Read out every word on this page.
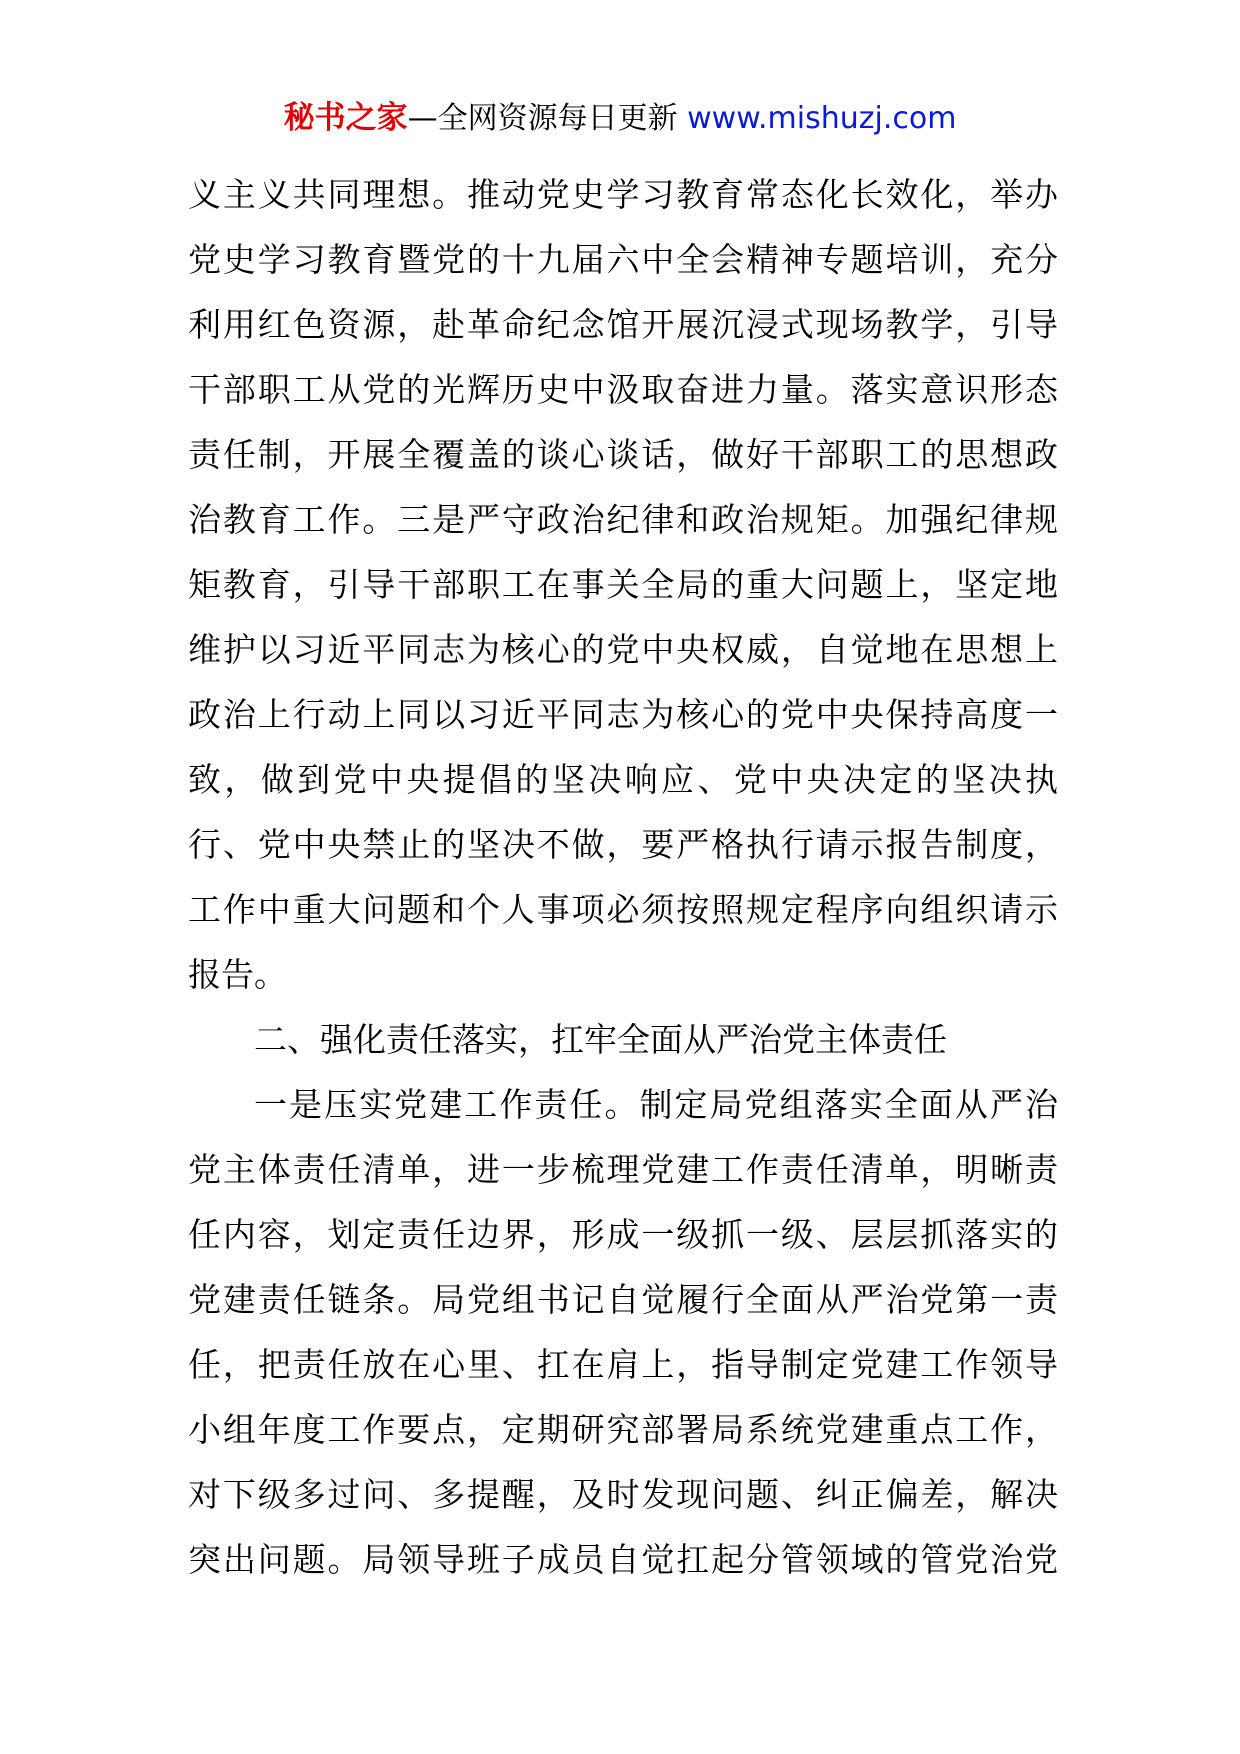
秘书之家—全网资源每日更新 www.mishuzj.com
义主义共同理想。推动党史学习教育常态化长效化，举办
党史学习教育暨党的十九届六中全会精神专题培训，充分
利用红色资源，赴革命纪念馆开展沉浸式现场教学，引导
干部职工从党的光辉历史中汲取奋进力量。落实意识形态
责任制，开展全覆盖的谈心谈话，做好干部职工的思想政
治教育工作。三是严守政治纪律和政治规矩。加强纪律规
矩教育，引导干部职工在事关全局的重大问题上，坚定地
维护以习近平同志为核心的党中央权威，自觉地在思想上
政治上行动上同以习近平同志为核心的党中央保持高度一
致，做到党中央提倡的坚决响应、党中央决定的坚决执
行、党中央禁止的坚决不做，要严格执行请示报告制度，
工作中重大问题和个人事项必须按照规定程序向组织请示
报告。
二、强化责任落实，扛牢全面从严治党主体责任
一是压实党建工作责任。制定局党组落实全面从严治
党主体责任清单，进一步梳理党建工作责任清单，明晰责
任内容，划定责任边界，形成一级抓一级、层层抓落实的
党建责任链条。局党组书记自觉履行全面从严治党第一责
任，把责任放在心里、扛在肩上，指导制定党建工作领导
小组年度工作要点，定期研究部署局系统党建重点工作，
对下级多过问、多提醒，及时发现问题、纠正偏差，解决
突出问题。局领导班子成员自觉扛起分管领域的管党治党
